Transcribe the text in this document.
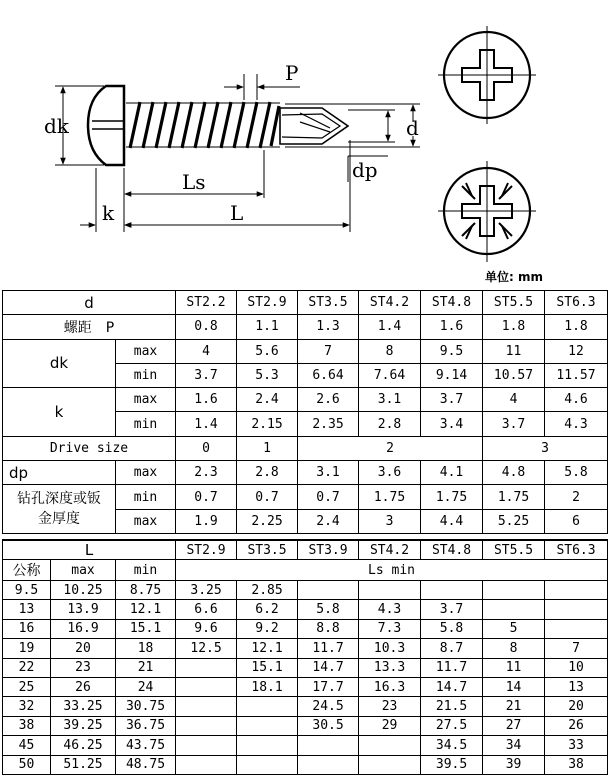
P
dk	d
dp
Ls
k	L
单位: mm
d		ST2.2	ST2.9	ST3.5	ST4.2	ST4.8	ST5.5	ST6.3
螺距　P		0.8	1.1	1.3	1.4	1.6	1.8	1.8
dk	max	4	5.6	7	8	9.5	11	12
	min	3.7	5.3	6.64	7.64	9.14	10.57	11.57
k	max	1.6	2.4	2.6	3.1	3.7	4	4.6
	min	1.4	2.15	2.35	2.8	3.4	3.7	4.3
Drive size		0	1	2			3	
dp	max	2.3	2.8	3.1	3.6	4.1	4.8	5.8

钻孔深度或钣
金厚度	min	0.7	0.7	0.7	1.75	1.75	1.75	2
	max	1.9	2.25	2.4	3	4.4	5.25	6
L			ST2.9	ST3.5	ST3.9	ST4.2	ST4.8	ST5.5	ST6.3
公称	max	min	Ls min						
9.5	10.25	8.75	3.25	2.85					
13	13.9	12.1	6.6	6.2	5.8	4.3	3.7		
16	16.9	15.1	9.6	9.2	8.8	7.3	5.8	5	
19	20	18	12.5	12.1	11.7	10.3	8.7	8	7
22	23	21		15.1	14.7	13.3	11.7	11	10
25	26	24		18.1	17.7	16.3	14.7	14	13
32	33.25	30.75			24.5	23	21.5	21	20
38	39.25	36.75			30.5	29	27.5	27	26
45	46.25	43.75					34.5	34	33
50	51.25	48.75					39.5	39	38
